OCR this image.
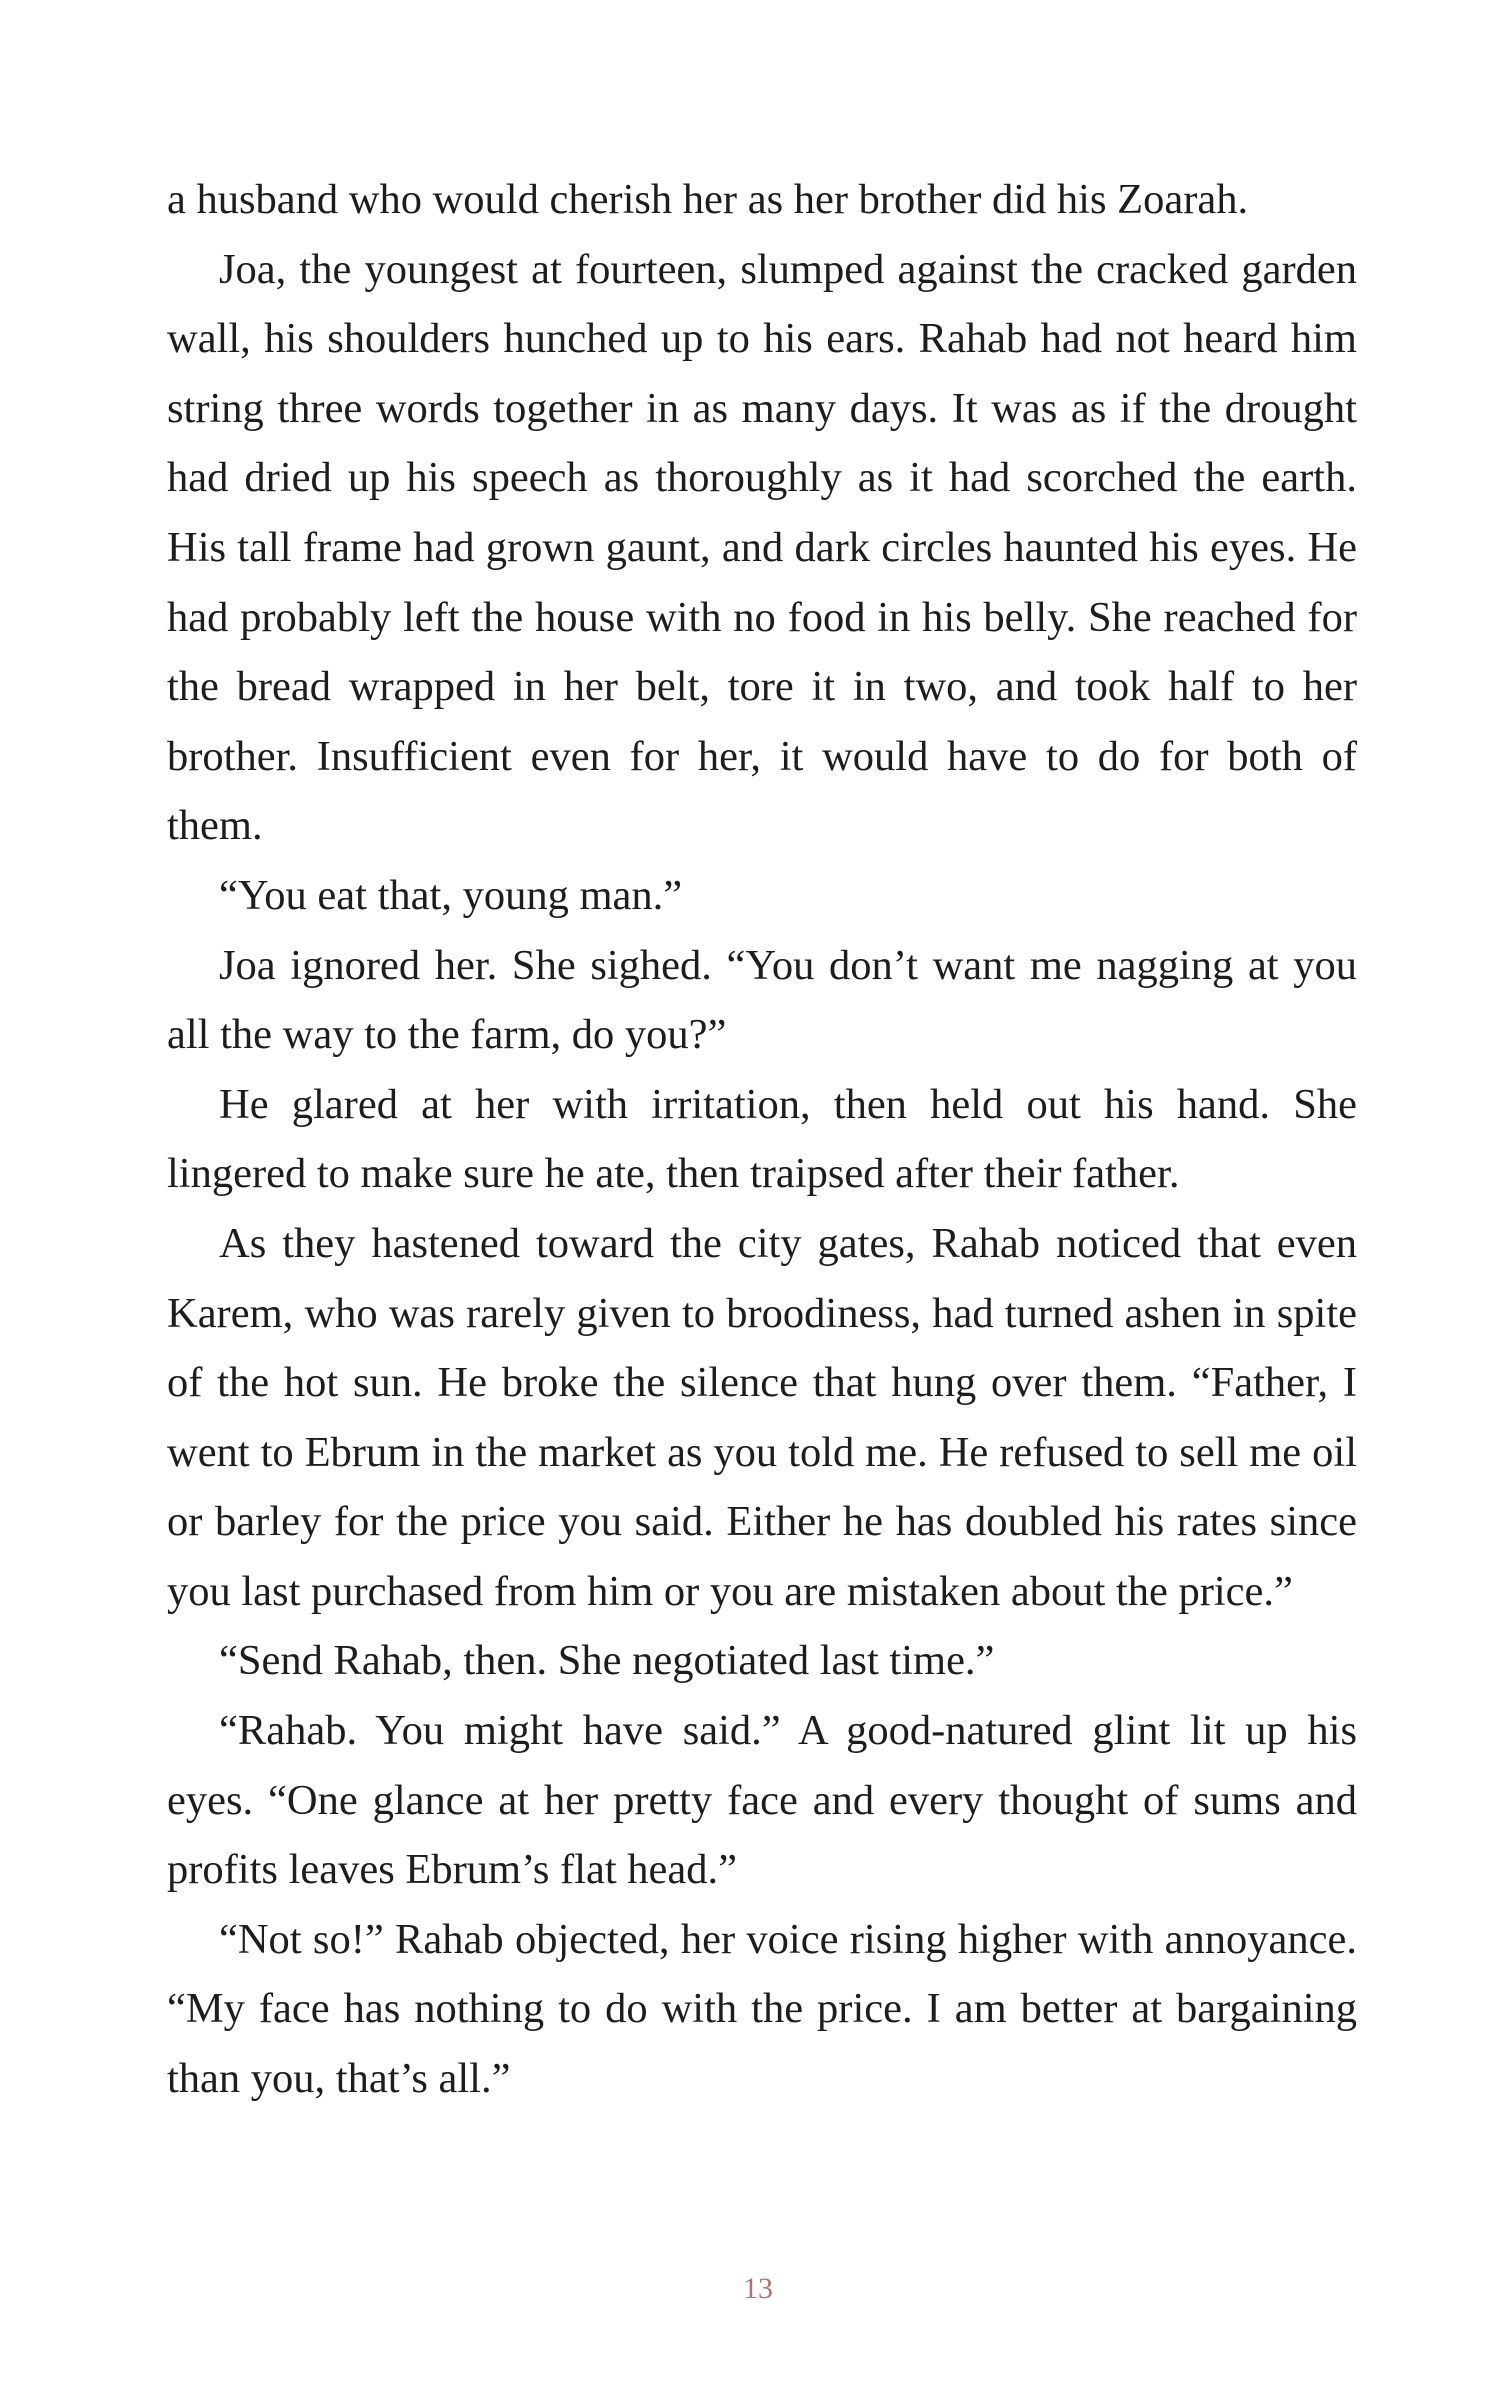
a husband who would cherish her as her brother did his Zoarah.

Joa, the youngest at fourteen, slumped against the cracked garden wall, his shoulders hunched up to his ears. Rahab had not heard him string three words together in as many days. It was as if the drought had dried up his speech as thoroughly as it had scorched the earth. His tall frame had grown gaunt, and dark circles haunted his eyes. He had probably left the house with no food in his belly. She reached for the bread wrapped in her belt, tore it in two, and took half to her brother. Insufficient even for her, it would have to do for both of them.

“You eat that, young man.”

Joa ignored her. She sighed. “You don’t want me nagging at you all the way to the farm, do you?”

He glared at her with irritation, then held out his hand. She lingered to make sure he ate, then traipsed after their father.

As they hastened toward the city gates, Rahab noticed that even Karem, who was rarely given to broodiness, had turned ashen in spite of the hot sun. He broke the silence that hung over them. “Father, I went to Ebrum in the market as you told me. He refused to sell me oil or barley for the price you said. Either he has doubled his rates since you last purchased from him or you are mistaken about the price.”

“Send Rahab, then. She negotiated last time.”

“Rahab. You might have said.” A good-natured glint lit up his eyes. “One glance at her pretty face and every thought of sums and profits leaves Ebrum’s flat head.”

“Not so!” Rahab objected, her voice rising higher with annoyance. “My face has nothing to do with the price. I am better at bargaining than you, that’s all.”

13
